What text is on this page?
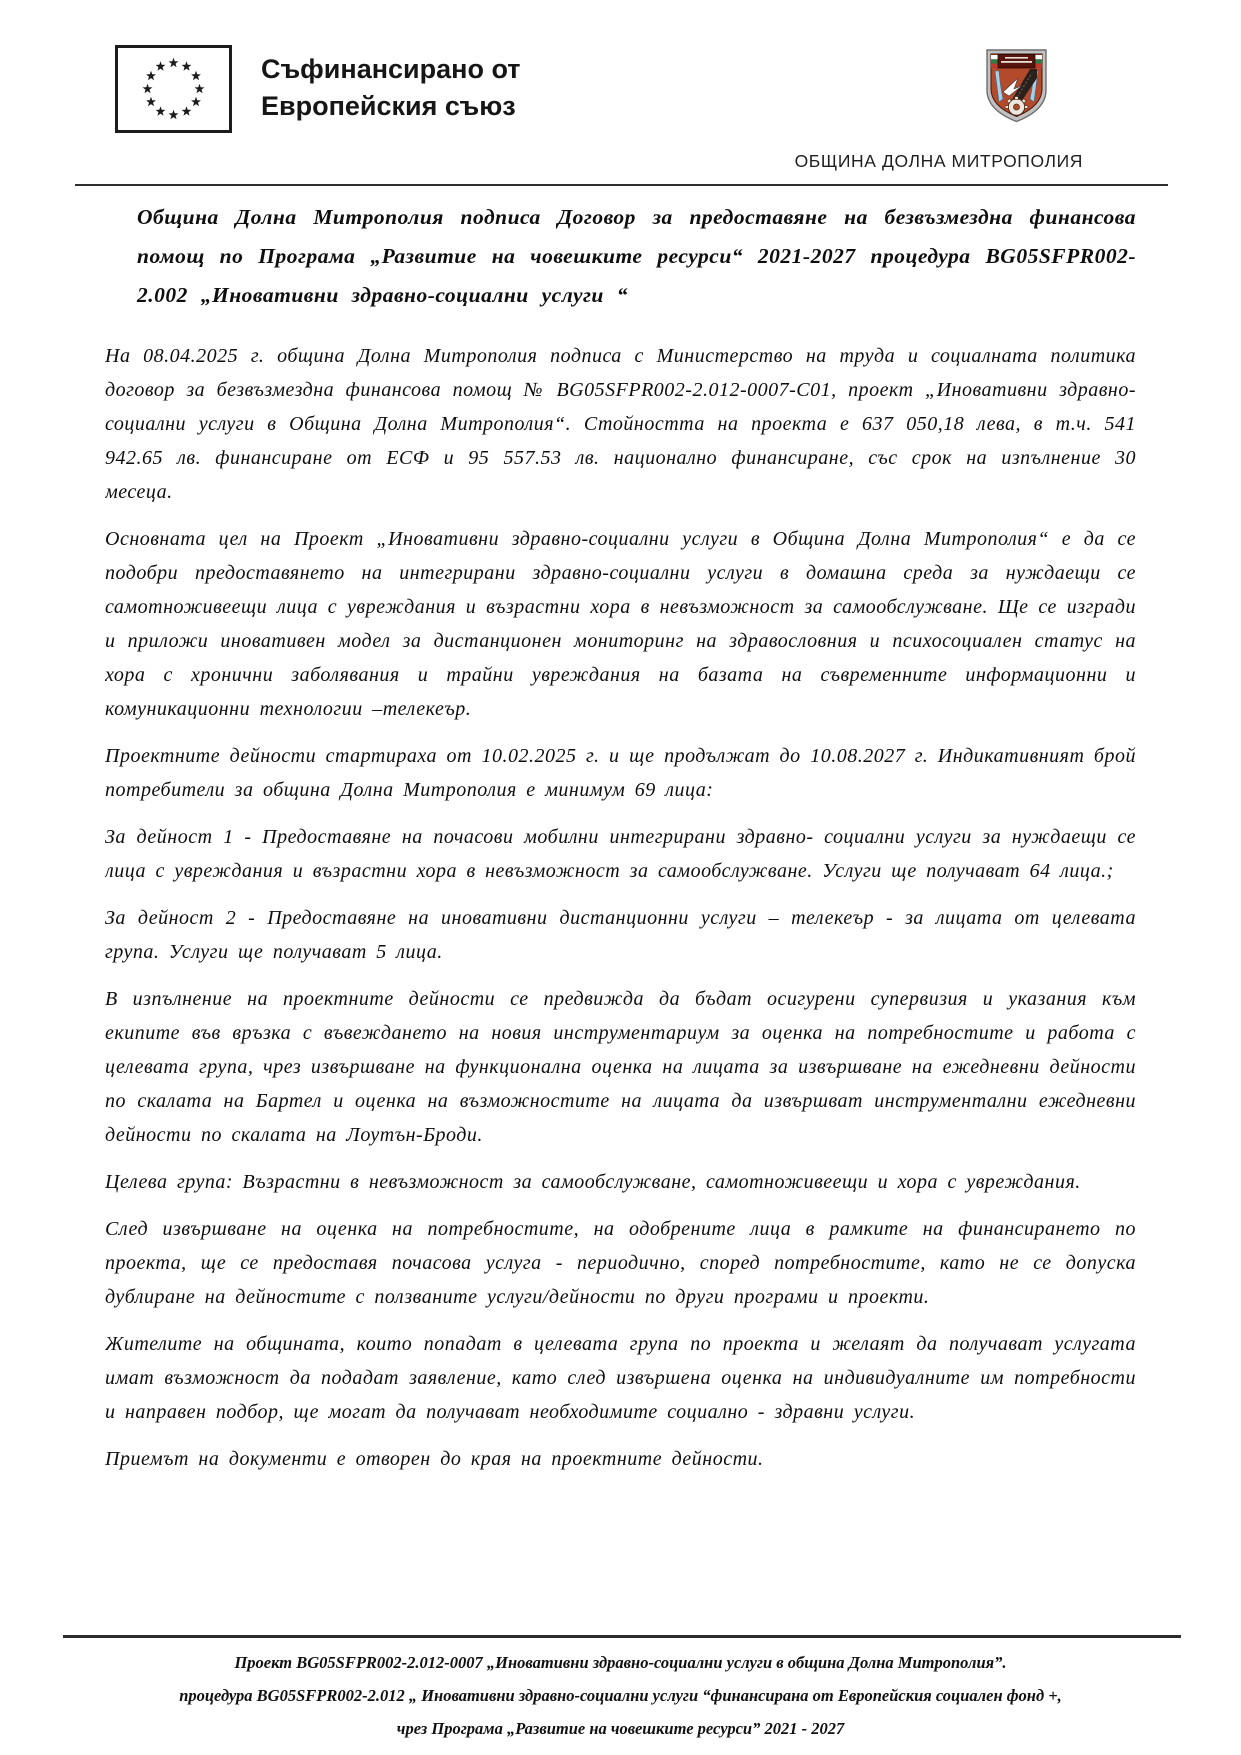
Съфинансирано от
Европейския съюз
ОБЩИНА ДОЛНА МИТРОПОЛИЯ
Община Долна Митрополия подписа Договор за предоставяне на безвъзмездна финансова помощ по Програма „Развитие на човешките ресурси“ 2021-2027 процедура BG05SFPR002- 2.002 „Иновативни здравно-социални услуги “

На 08.04.2025 г. община Долна Митрополия подписа с Министерство на труда и социалната политика договор за безвъзмездна финансова помощ № BG05SFPR002-2.012-0007-С01, проект „Иновативни здравно-социални услуги в Община Долна Митрополия“. Стойността на проекта е 637 050,18 лева, в т.ч. 541 942.65 лв. финансиране от ЕСФ и 95 557.53 лв. национално финансиране, със срок на изпълнение 30 месеца.

Основната цел на Проект „Иновативни здравно-социални услуги в Община Долна Митрополия“ е да се подобри предоставянето на интегрирани здравно-социални услуги в домашна среда за нуждаещи се самотноживеещи лица с увреждания и възрастни хора в невъзможност за самообслужване. Ще се изгради и приложи иновативен модел за дистанционен мониторинг на здравословния и психосоциален статус на хора с хронични заболявания и трайни увреждания на базата на съвременните информационни и комуникационни технологии –телекеър.

Проектните дейности стартираха от 10.02.2025 г. и ще продължат до 10.08.2027 г. Индикативният брой потребители за община Долна Митрополия е минимум 69 лица:

За дейност 1 - Предоставяне на почасови мобилни интегрирани здравно- социални услуги за нуждаещи се лица с увреждания и възрастни хора в невъзможност за самообслужване. Услуги ще получават 64 лица.;

За дейност 2 - Предоставяне на иновативни дистанционни услуги – телекеър - за лицата от целевата група. Услуги ще получават 5 лица.

В изпълнение на проектните дейности се предвижда да бъдат осигурени супервизия и указания към екипите във връзка с въвеждането на новия инструментариум за оценка на потребностите и работа с целевата група, чрез извършване на функционална оценка на лицата за извършване на ежедневни дейности по скалата на Бартел и оценка на възможностите на лицата да извършват инструментални ежедневни дейности по скалата на Лоутън-Броди.

Целева група: Възрастни в невъзможност за самообслужване, самотноживеещи и хора с увреждания.

След извършване на оценка на потребностите, на одобрените лица в рамките на финансирането по проекта, ще се предоставя почасова услуга - периодично, според потребностите, като не се допуска дублиране на дейностите с ползваните услуги/дейности по други програми и проекти.

Жителите на общината, които попадат в целевата група по проекта и желаят да получават услугата имат възможност да подадат заявление, като след извършена оценка на индивидуалните им потребности и направен подбор, ще могат да получават необходимите социално - здравни услуги.

Приемът на документи е отворен до края на проектните дейности.

Проект BG05SFPR002-2.012-0007 „Иновативни здравно-социални услуги в община Долна Митрополия”.
процедура BG05SFPR002-2.012 „ Иновативни здравно-социални услуги “финансирана от Европейския социален фонд +,
чрез Програма „Развитие на човешките ресурси” 2021 - 2027
